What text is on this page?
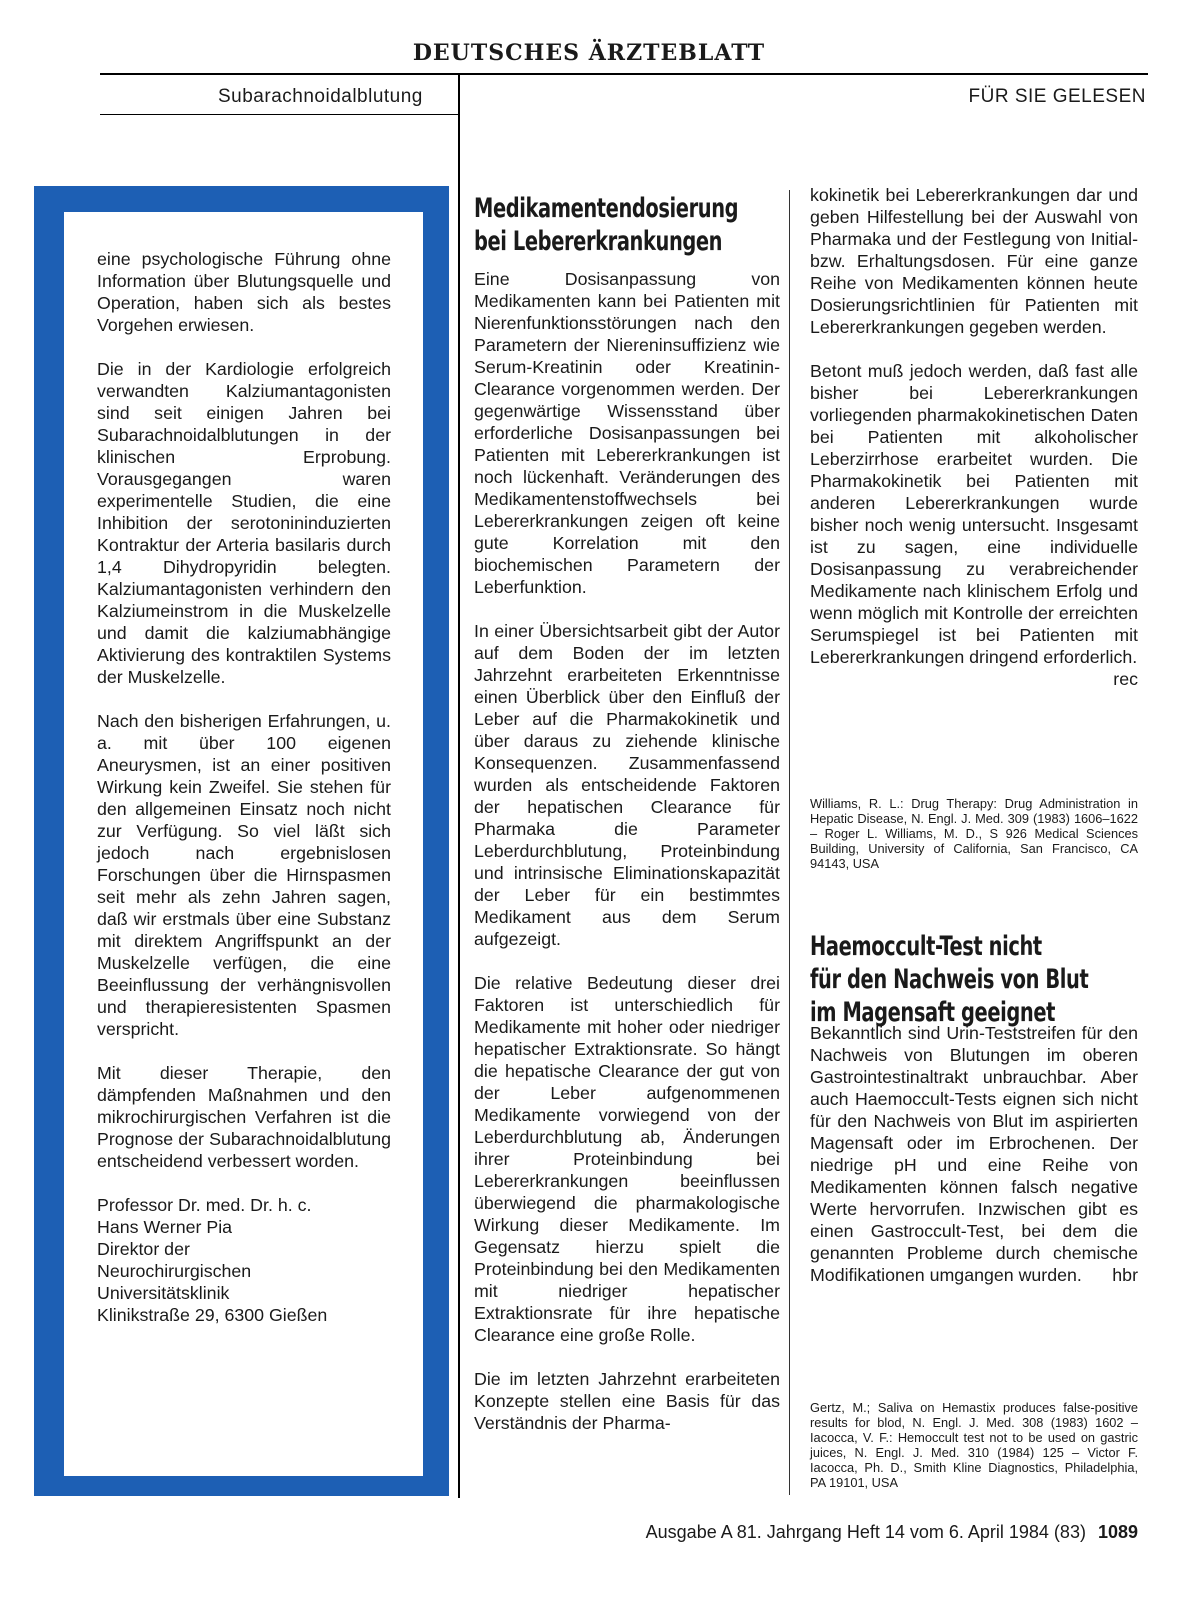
DEUTSCHES ÄRZTEBLATT
Subarachnoidalblutung	FÜR SIE GELESEN

eine psychologische Führung ohne Information über Blutungsquelle und Operation, haben sich als bestes Vorgehen erwiesen.

Die in der Kardiologie erfolgreich verwandten Kalziumantagonisten sind seit einigen Jahren bei Subarachnoidalblutungen in der klinischen Erprobung. Vorausgegangen waren experimentelle Studien, die eine Inhibition der serotonininduzierten Kontraktur der Arteria basilaris durch 1,4 Dihydropyridin belegten. Kalziumantagonisten verhindern den Kalziumeinstrom in die Muskelzelle und damit die kalziumabhängige Aktivierung des kontraktilen Systems der Muskelzelle.

Nach den bisherigen Erfahrungen, u. a. mit über 100 eigenen Aneurysmen, ist an einer positiven Wirkung kein Zweifel. Sie stehen für den allgemeinen Einsatz noch nicht zur Verfügung. So viel läßt sich jedoch nach ergebnislosen Forschungen über die Hirnspasmen seit mehr als zehn Jahren sagen, daß wir erstmals über eine Substanz mit direktem Angriffspunkt an der Muskelzelle verfügen, die eine Beeinflussung der verhängnisvollen und therapieresistenten Spasmen verspricht.

Mit dieser Therapie, den dämpfenden Maßnahmen und den mikrochirurgischen Verfahren ist die Prognose der Subarachnoidalblutung entscheidend verbessert worden.

Professor Dr. med. Dr. h. c.
Hans Werner Pia
Direktor der
Neurochirurgischen
Universitätsklinik
Klinikstraße 29, 6300 Gießen
Medikamentendosierung
bei Lebererkrankungen

Eine Dosisanpassung von Medikamenten kann bei Patienten mit Nierenfunktionsstörungen nach den Parametern der Niereninsuffizienz wie Serum-Kreatinin oder Kreatinin-Clearance vorgenommen werden. Der gegenwärtige Wissensstand über erforderliche Dosisanpassungen bei Patienten mit Lebererkrankungen ist noch lückenhaft. Veränderungen des Medikamentenstoffwechsels bei Lebererkrankungen zeigen oft keine gute Korrelation mit den biochemischen Parametern der Leberfunktion.

In einer Übersichtsarbeit gibt der Autor auf dem Boden der im letzten Jahrzehnt erarbeiteten Erkenntnisse einen Überblick über den Einfluß der Leber auf die Pharmakokinetik und über daraus zu ziehende klinische Konsequenzen. Zusammenfassend wurden als entscheidende Faktoren der hepatischen Clearance für Pharmaka die Parameter Leberdurchblutung, Proteinbindung und intrinsische Eliminationskapazität der Leber für ein bestimmtes Medikament aus dem Serum aufgezeigt.

Die relative Bedeutung dieser drei Faktoren ist unterschiedlich für Medikamente mit hoher oder niedriger hepatischer Extraktionsrate. So hängt die hepatische Clearance der gut von der Leber aufgenommenen Medikamente vorwiegend von der Leberdurchblutung ab, Änderungen ihrer Proteinbindung bei Lebererkrankungen beeinflussen überwiegend die pharmakologische Wirkung dieser Medikamente. Im Gegensatz hierzu spielt die Proteinbindung bei den Medikamenten mit niedriger hepatischer Extraktionsrate für ihre hepatische Clearance eine große Rolle.

Die im letzten Jahrzehnt erarbeiteten Konzepte stellen eine Basis für das Verständnis der Pharma-

kokinetik bei Lebererkrankungen dar und geben Hilfestellung bei der Auswahl von Pharmaka und der Festlegung von Initial- bzw. Erhaltungsdosen. Für eine ganze Reihe von Medikamenten können heute Dosierungsrichtlinien für Patienten mit Lebererkrankungen gegeben werden.

Betont muß jedoch werden, daß fast alle bisher bei Lebererkrankungen vorliegenden pharmakokinetischen Daten bei Patienten mit alkoholischer Leberzirrhose erarbeitet wurden. Die Pharmakokinetik bei Patienten mit anderen Lebererkrankungen wurde bisher noch wenig untersucht. Insgesamt ist zu sagen, eine individuelle Dosisanpassung zu verabreichender Medikamente nach klinischem Erfolg und wenn möglich mit Kontrolle der erreichten Serumspiegel ist bei Patienten mit Lebererkrankungen dringend erforderlich.
rec

Williams, R. L.: Drug Therapy: Drug Administration in Hepatic Disease, N. Engl. J. Med. 309 (1983) 1606–1622 – Roger L. Williams, M. D., S 926 Medical Sciences Building, University of California, San Francisco, CA 94143, USA
Haemoccult-Test nicht
für den Nachweis von Blut
im Magensaft geeignet

Bekanntlich sind Urin-Teststreifen für den Nachweis von Blutungen im oberen Gastrointestinaltrakt unbrauchbar. Aber auch Haemoccult-Tests eignen sich nicht für den Nachweis von Blut im aspirierten Magensaft oder im Erbrochenen. Der niedrige pH und eine Reihe von Medikamenten können falsch negative Werte hervorrufen. Inzwischen gibt es einen Gastroccult-Test, bei dem die genannten Probleme durch chemische Modifikationen umgangen wurden. hbr

Gertz, M.; Saliva on Hemastix produces false-positive results for blod, N. Engl. J. Med. 308 (1983) 1602 – Iacocca, V. F.: Hemoccult test not to be used on gastric juices, N. Engl. J. Med. 310 (1984) 125 – Victor F. Iacocca, Ph. D., Smith Kline Diagnostics, Philadelphia, PA 19101, USA
Ausgabe A 81. Jahrgang Heft 14 vom 6. April 1984 (83) 1089
